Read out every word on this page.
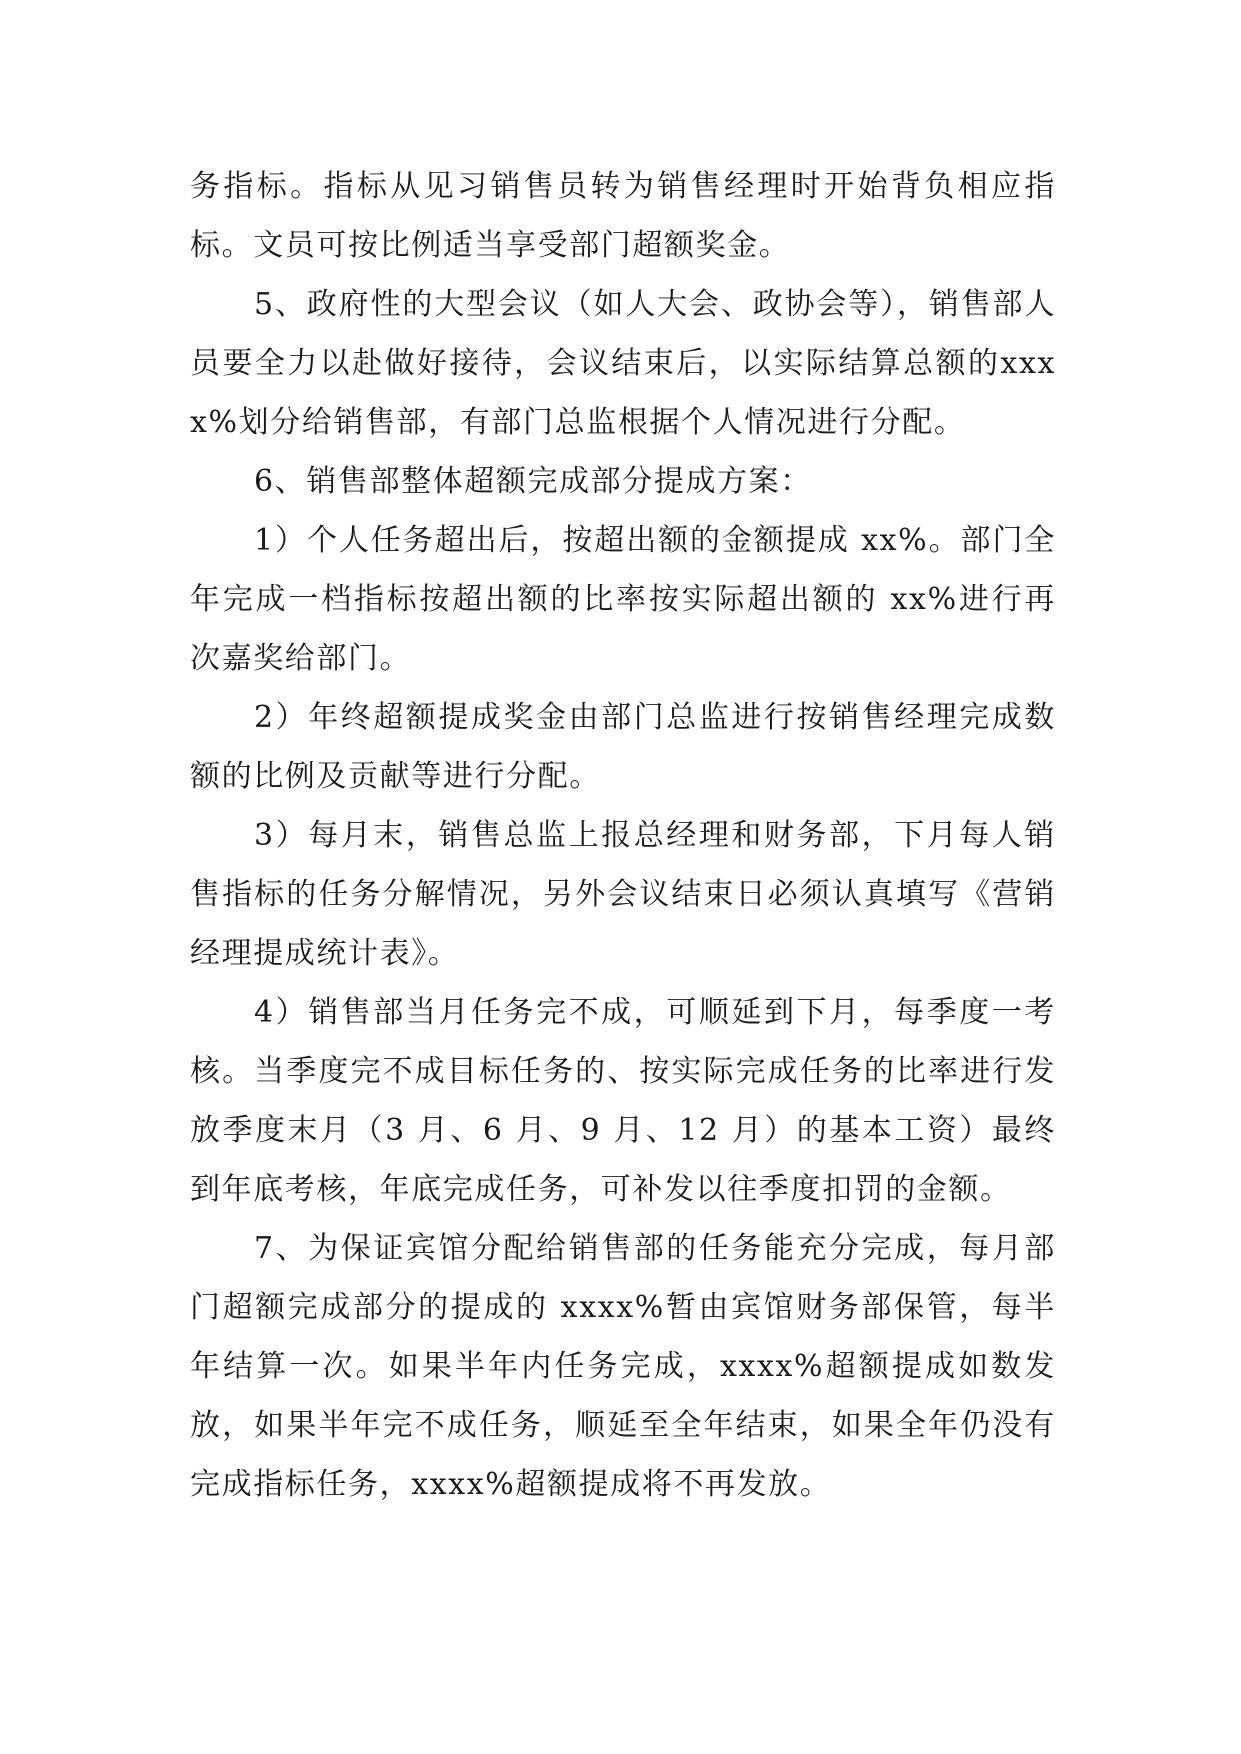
务指标。指标从见习销售员转为销售经理时开始背负相应指标。文员可按比例适当享受部门超额奖金。

5、政府性的大型会议（如人大会、政协会等），销售部人员要全力以赴做好接待，会议结束后，以实际结算总额的xxxx%划分给销售部，有部门总监根据个人情况进行分配。

6、销售部整体超额完成部分提成方案：

1）个人任务超出后，按超出额的金额提成 xx%。部门全年完成一档指标按超出额的比率按实际超出额的 xx%进行再次嘉奖给部门。

2）年终超额提成奖金由部门总监进行按销售经理完成数额的比例及贡献等进行分配。

3）每月末，销售总监上报总经理和财务部，下月每人销售指标的任务分解情况，另外会议结束日必须认真填写《营销经理提成统计表》。

4）销售部当月任务完不成，可顺延到下月，每季度一考核。当季度完不成目标任务的、按实际完成任务的比率进行发放季度末月（3 月、6 月、9 月、12 月）的基本工资）最终到年底考核，年底完成任务，可补发以往季度扣罚的金额。

7、为保证宾馆分配给销售部的任务能充分完成，每月部门超额完成部分的提成的 xxxx%暂由宾馆财务部保管，每半年结算一次。如果半年内任务完成，xxxx%超额提成如数发放，如果半年完不成任务，顺延至全年结束，如果全年仍没有完成指标任务，xxxx%超额提成将不再发放。
